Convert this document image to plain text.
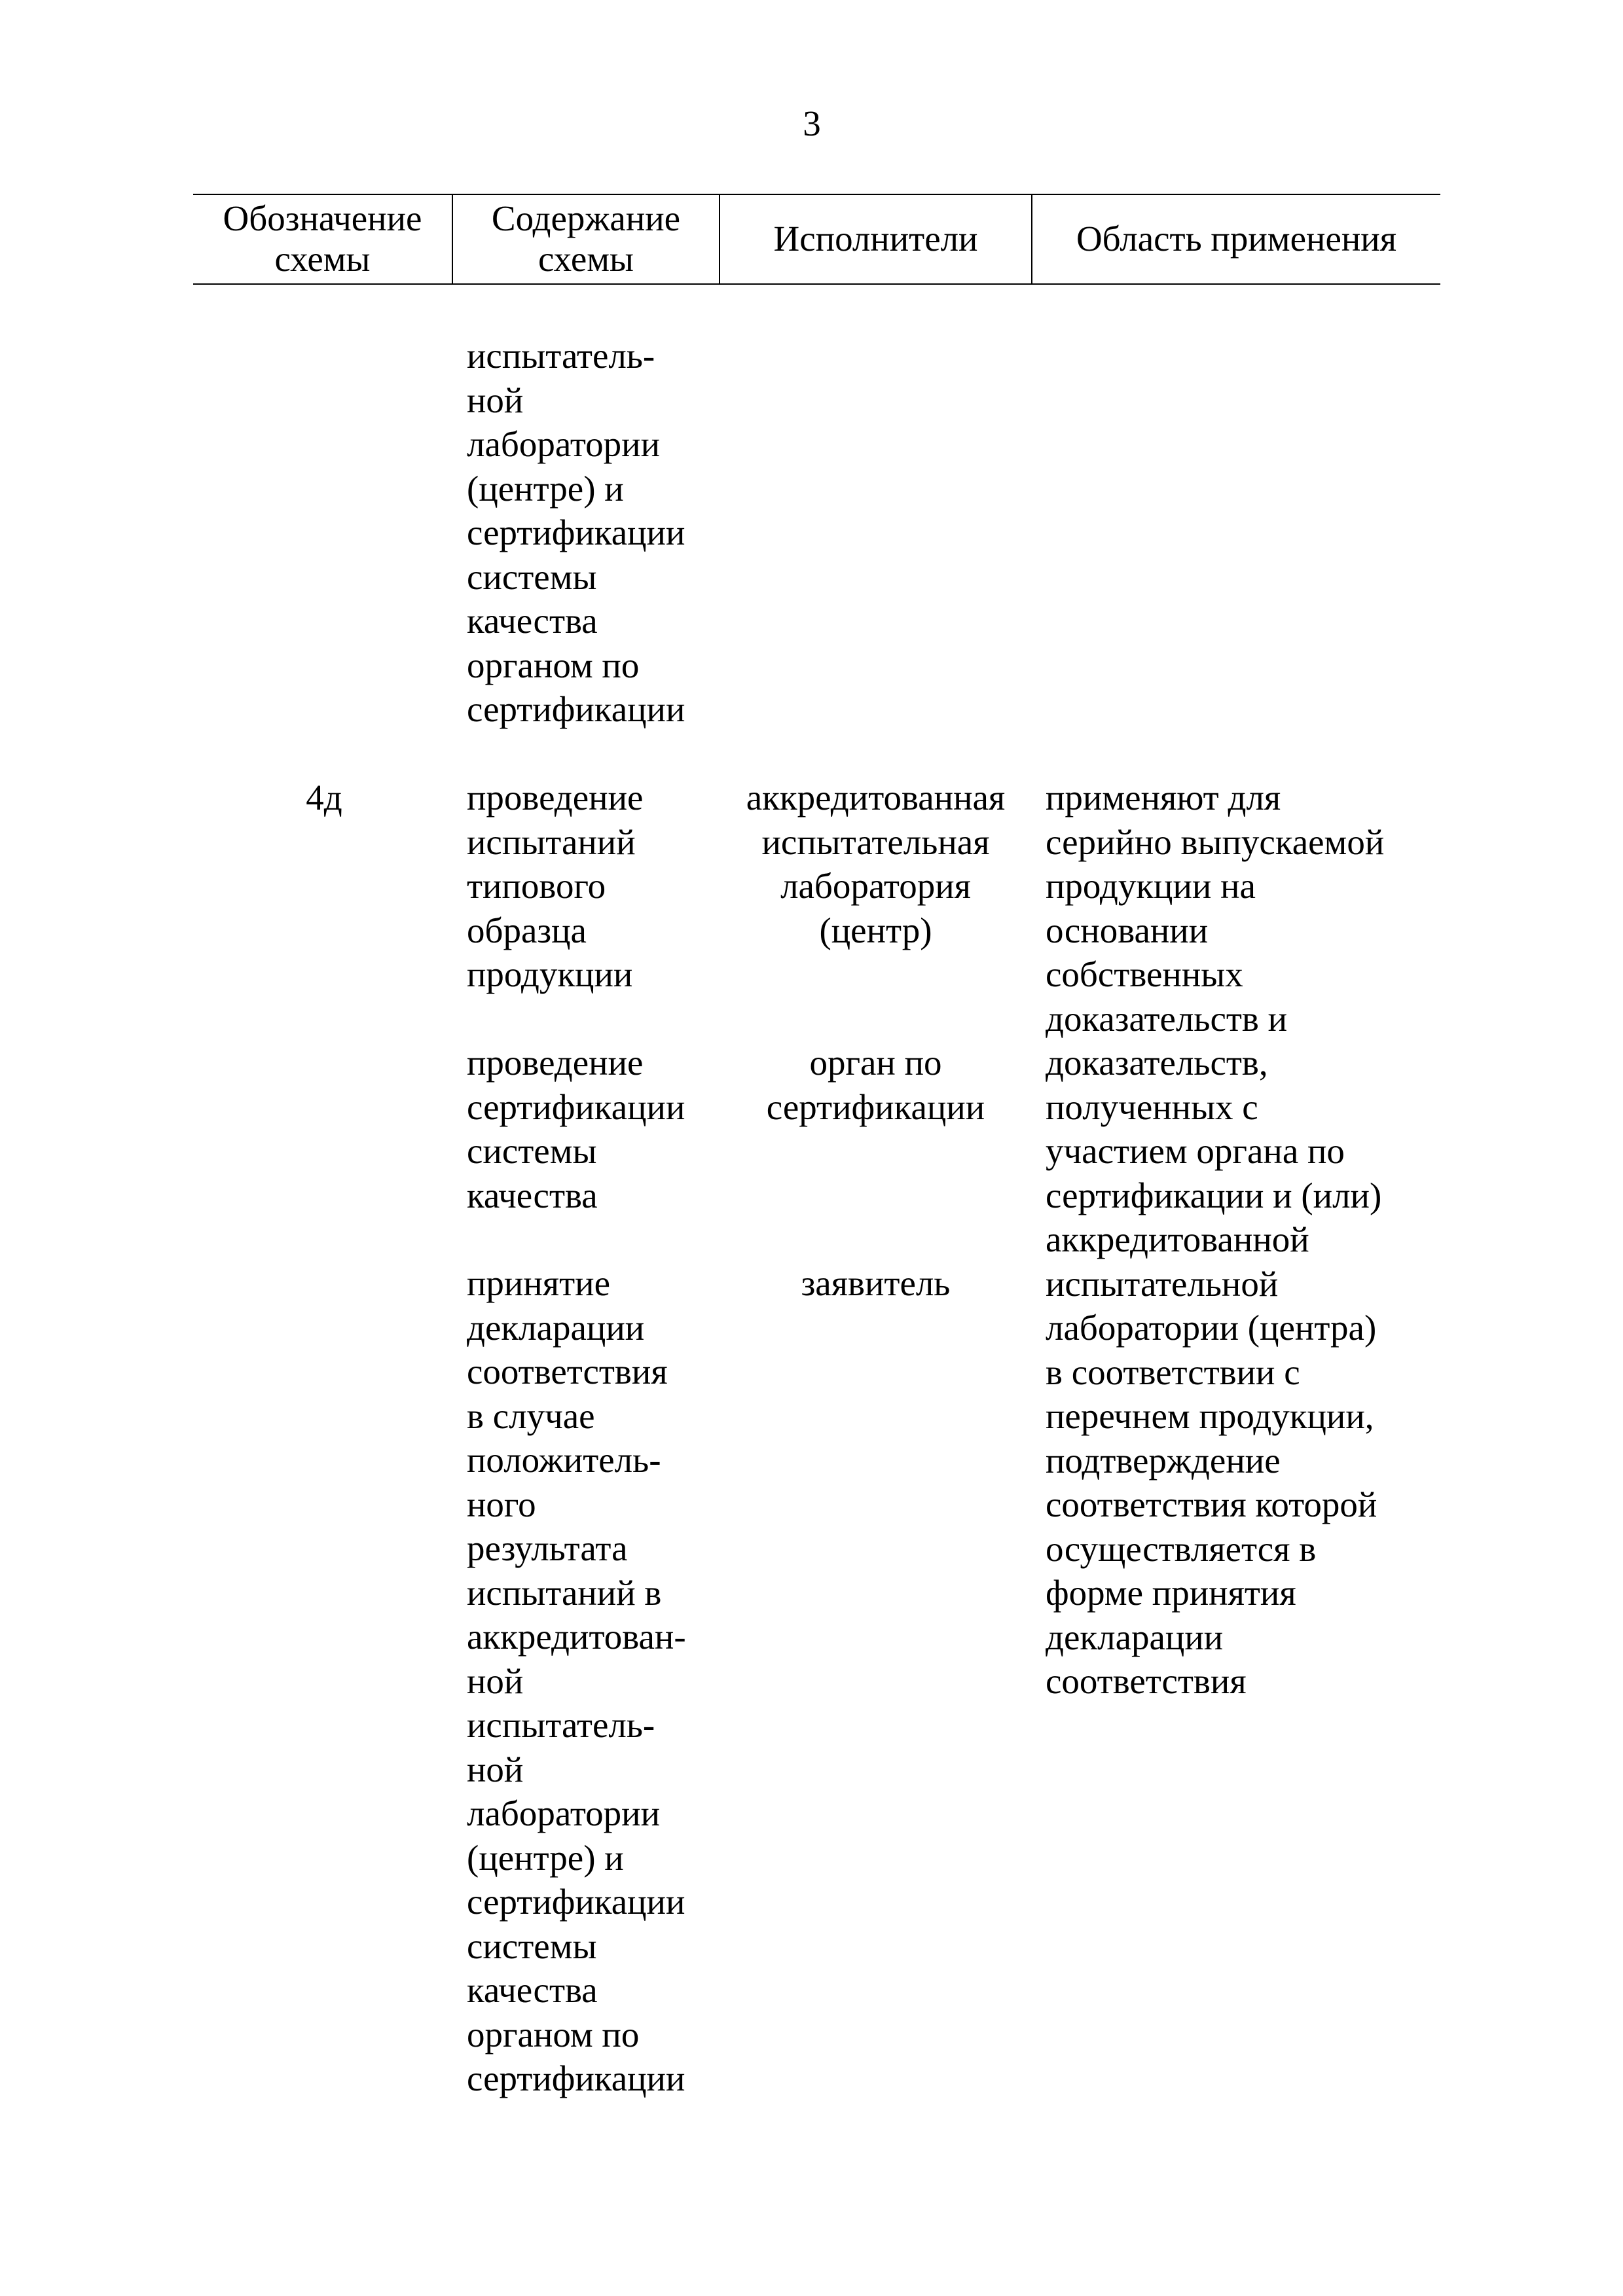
3
Обозначение
схемы
Содержание
схемы
Исполнители	Область применения
испытатель-
ной
лаборатории
(центре) и
сертификации
системы
качества
органом по
сертификации
4д	проведение
испытаний
типового
образца
продукции
аккредитованная
испытательная
лаборатория
(центр)
проведение
сертификации
системы
качества
орган по
сертификации
принятие
декларации
соответствия
в случае
положитель-
ного
результата
испытаний в
аккредитован-
ной
испытатель-
ной
лаборатории
(центре) и
сертификации
системы
качества
органом по
сертификации
заявитель
применяют для
серийно выпускаемой
продукции на
основании
собственных
доказательств и
доказательств,
полученных с
участием органа по
сертификации и (или)
аккредитованной
испытательной
лаборатории (центра)
в соответствии с
перечнем продукции,
подтверждение
соответствия которой
осуществляется в
форме принятия
декларации
соответствия
